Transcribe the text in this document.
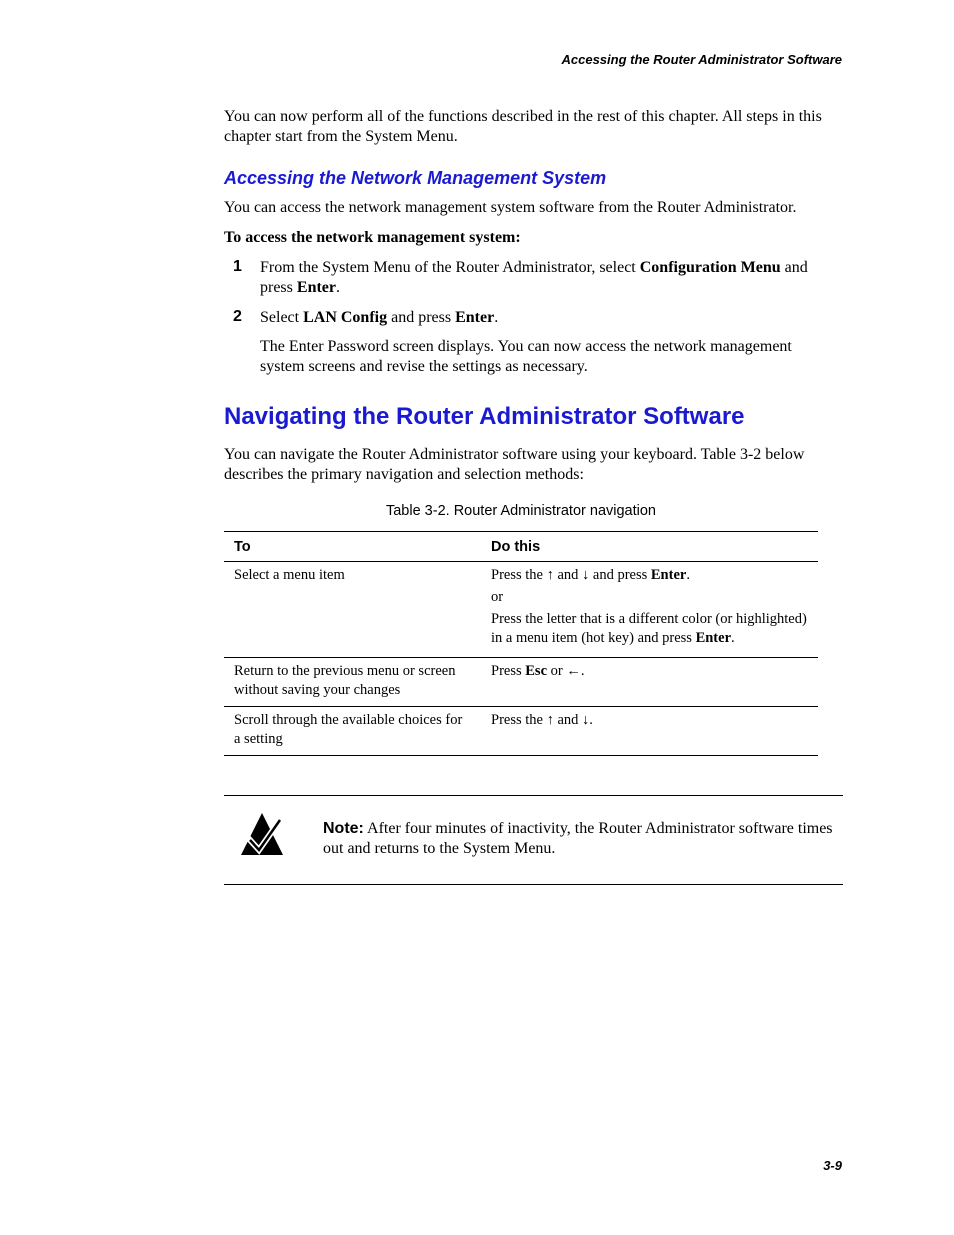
Accessing the Router Administrator Software

You can now perform all of the functions described in the rest of this chapter. All steps in this chapter start from the System Menu.

Accessing the Network Management System

You can access the network management system software from the Router Administrator.

To access the network management system:

1 From the System Menu of the Router Administrator, select Configuration Menu and press Enter.

2 Select LAN Config and press Enter.

The Enter Password screen displays. You can now access the network management system screens and revise the settings as necessary.

Navigating the Router Administrator Software

You can navigate the Router Administrator software using your keyboard. Table 3-2 below describes the primary navigation and selection methods:

Table 3-2. Router Administrator navigation
To	Do this
Select a menu item	Press the ↑ and ↓ and press Enter.
or
Press the letter that is a different color (or highlighted) in a menu item (hot key) and press Enter.

Return to the previous menu or screen without saving your changes	Press Esc or ←.
Scroll through the available choices for a setting	Press the ↑ and ↓.

Note: After four minutes of inactivity, the Router Administrator software times out and returns to the System Menu.

3-9
